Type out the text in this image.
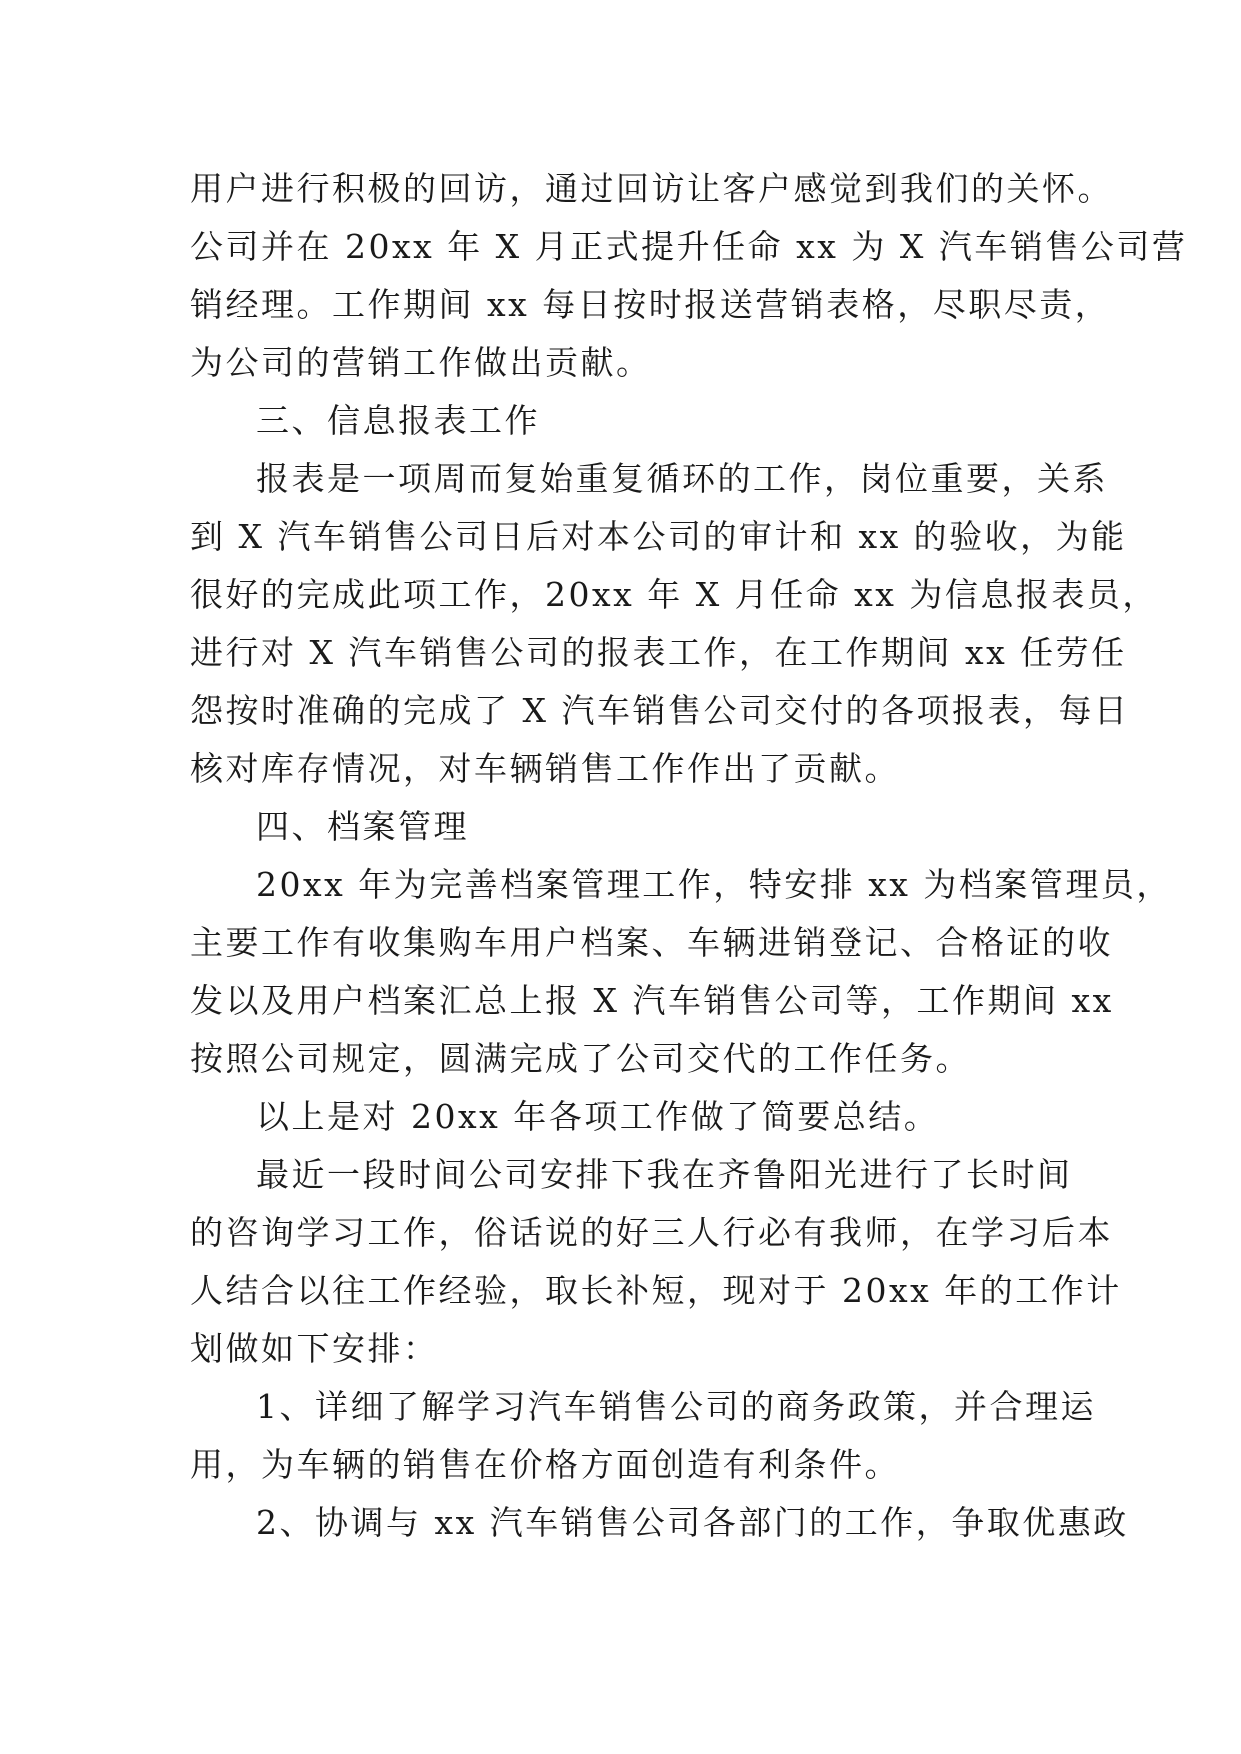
用户进行积极的回访，通过回访让客户感觉到我们的关怀。
公司并在 20xx 年 X 月正式提升任命 xx 为 X 汽车销售公司营
销经理。工作期间 xx 每日按时报送营销表格，尽职尽责，
为公司的营销工作做出贡献。
三、信息报表工作
报表是一项周而复始重复循环的工作，岗位重要，关系
到 X 汽车销售公司日后对本公司的审计和 xx 的验收，为能
很好的完成此项工作，20xx 年 X 月任命 xx 为信息报表员，
进行对 X 汽车销售公司的报表工作，在工作期间 xx 任劳任
怨按时准确的完成了 X 汽车销售公司交付的各项报表，每日
核对库存情况，对车辆销售工作作出了贡献。
四、档案管理
20xx 年为完善档案管理工作，特安排 xx 为档案管理员，
主要工作有收集购车用户档案、车辆进销登记、合格证的收
发以及用户档案汇总上报 X 汽车销售公司等，工作期间 xx
按照公司规定，圆满完成了公司交代的工作任务。
以上是对 20xx 年各项工作做了简要总结。
最近一段时间公司安排下我在齐鲁阳光进行了长时间
的咨询学习工作，俗话说的好三人行必有我师，在学习后本
人结合以往工作经验，取长补短，现对于 20xx 年的工作计
划做如下安排：
1、详细了解学习汽车销售公司的商务政策，并合理运
用，为车辆的销售在价格方面创造有利条件。
2、协调与 xx 汽车销售公司各部门的工作，争取优惠政
